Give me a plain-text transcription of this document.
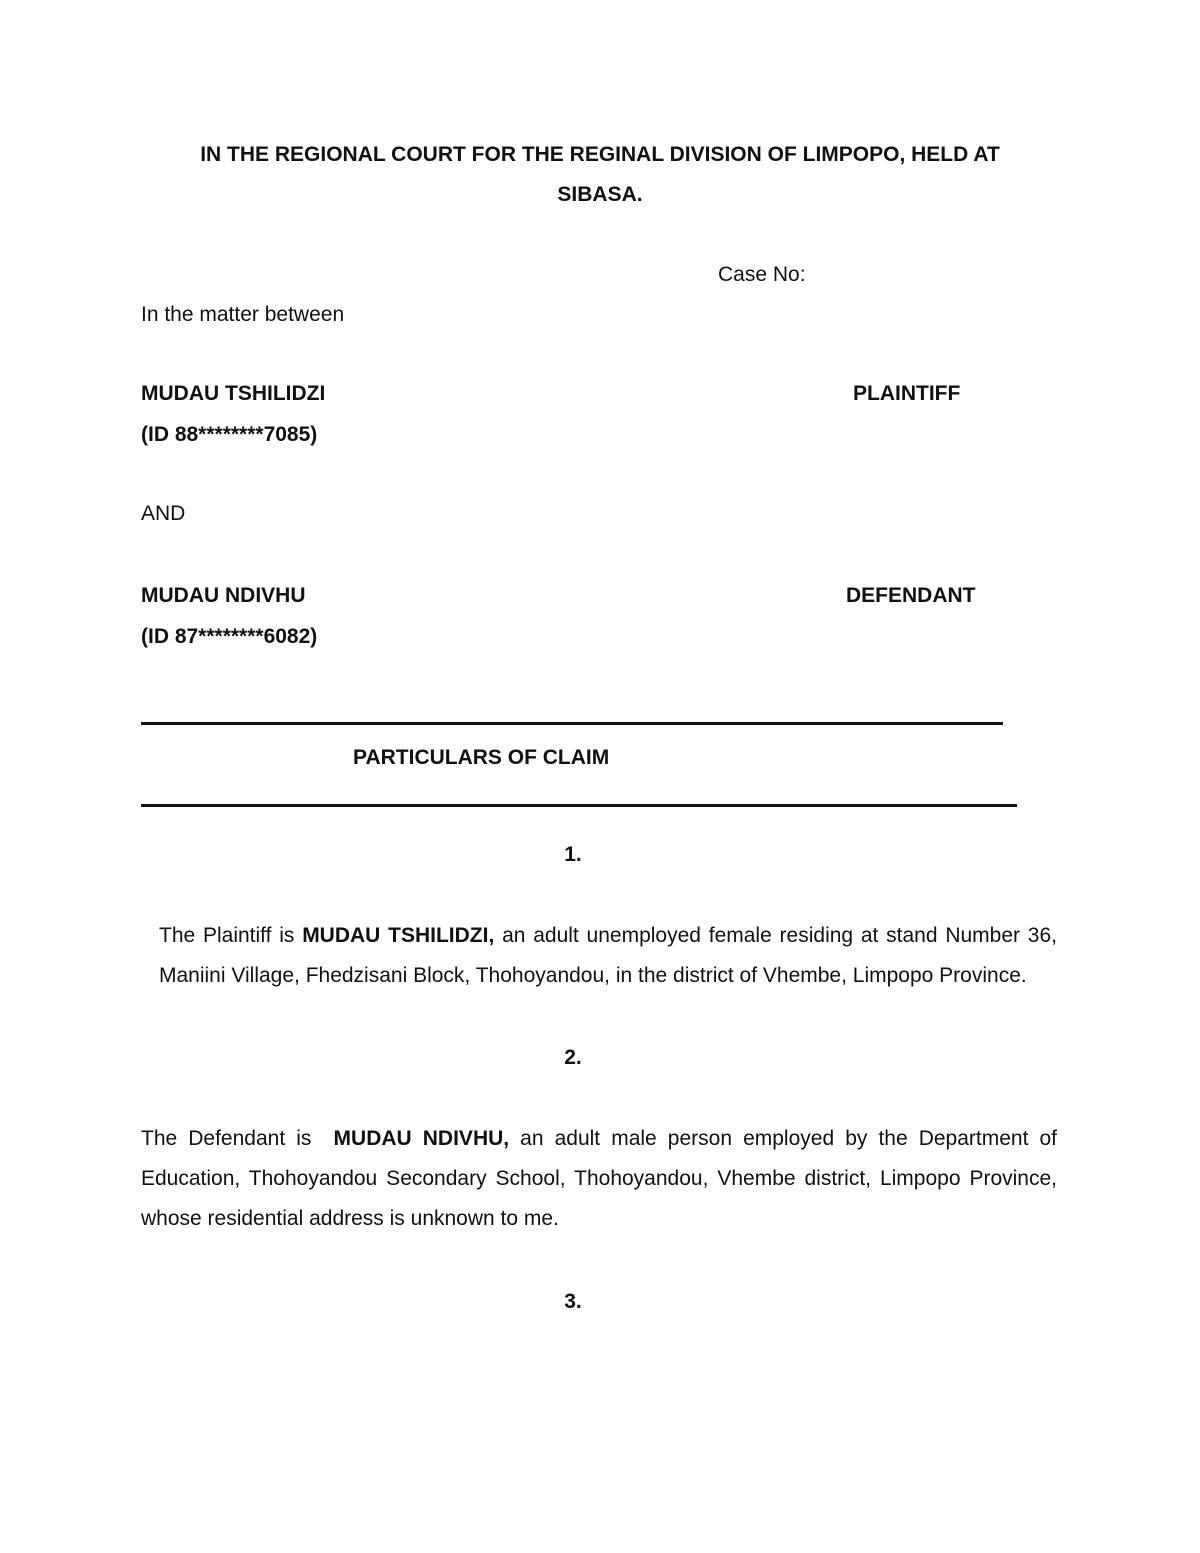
IN THE REGIONAL COURT FOR THE REGINAL DIVISION OF LIMPOPO, HELD AT
SIBASA.
Case No:
In the matter between
MUDAU TSHILIDZI	PLAINTIFF
(ID 88********7085)
AND
MUDAU NDIVHU	DEFENDANT
(ID 87********6082)
PARTICULARS OF CLAIM
1.
The Plaintiff is MUDAU TSHILIDZI, an adult unemployed female residing at stand Number 36, Maniini Village, Fhedzisani Block, Thohoyandou, in the district of Vhembe, Limpopo Province.
2.
The Defendant is  MUDAU NDIVHU, an adult male person employed by the Department of Education, Thohoyandou Secondary School, Thohoyandou, Vhembe district, Limpopo Province, whose residential address is unknown to me.
3.
